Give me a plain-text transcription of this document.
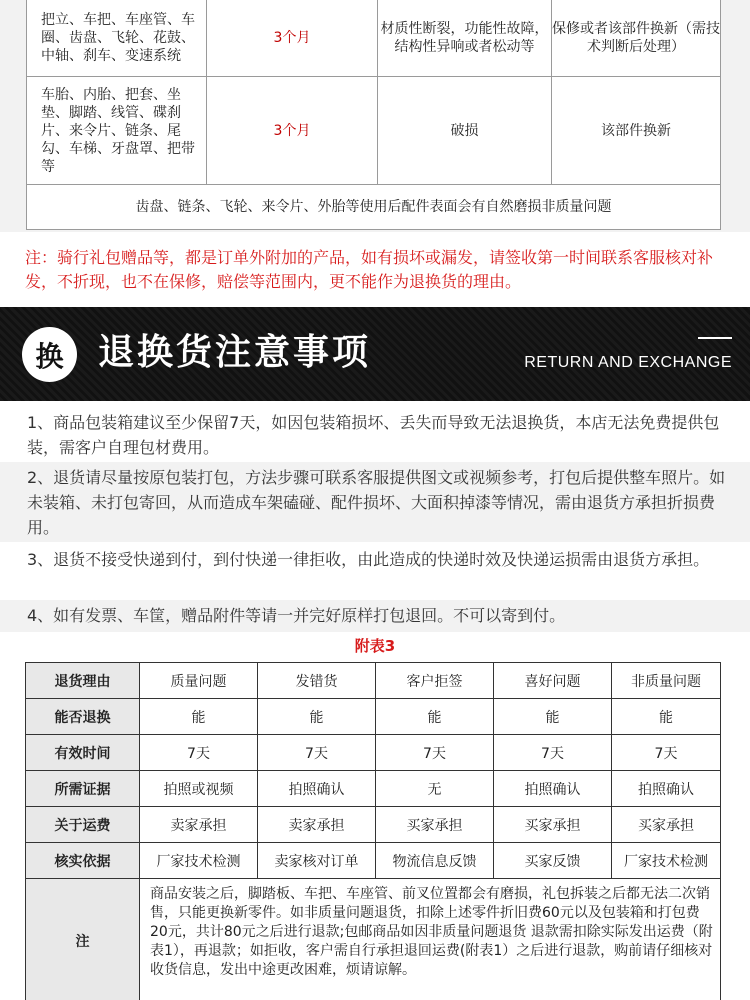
把立、车把、车座管、车圈、齿盘、飞轮、花鼓、中轴、刹车、变速系统	3个月	材质性断裂，功能性故障，结构性异响或者松动等	保修或者该部件换新（需技术判断后处理）
车胎、内胎、把套、坐垫、脚踏、线管、碟刹片、来令片、链条、尾勾、车梯、牙盘罩、把带等	3个月	破损	该部件换新
齿盘、链条、飞轮、来令片、外胎等使用后配件表面会有自然磨损非质量问题			
注：骑行礼包赠品等，都是订单外附加的产品，如有损坏或漏发，请签收第一时间联系客服核对补发，不折现，也不在保修，赔偿等范围内，更不能作为退换货的理由。
换 退换货注意事项	RETURN AND EXCHANGE
1、商品包装箱建议至少保留7天，如因包装箱损坏、丢失而导致无法退换货，本店无法免费提供包装，需客户自理包材费用。
2、退货请尽量按原包装打包，方法步骤可联系客服提供图文或视频参考，打包后提供整车照片。如未装箱、未打包寄回，从而造成车架磕碰、配件损坏、大面积掉漆等情况，需由退货方承担折损费用。
3、退货不接受快递到付，到付快递一律拒收，由此造成的快递时效及快递运损需由退货方承担。
4、如有发票、车筐，赠品附件等请一并完好原样打包退回。不可以寄到付。
附表3
退货理由	质量问题	发错货	客户拒签	喜好问题	非质量问题
能否退换	能	能	能	能	能
有效时间	7天	7天	7天	7天	7天
所需证据	拍照或视频	拍照确认	无	拍照确认	拍照确认
关于运费	卖家承担	卖家承担	买家承担	买家承担	买家承担
核实依据	厂家技术检测	卖家核对订单	物流信息反馈	买家反馈	厂家技术检测
注	商品安装之后，脚踏板、车把、车座管、前叉位置都会有磨损，礼包拆装之后都无法二次销售，只能更换新零件。如非质量问题退货，扣除上述零件折旧费60元以及包装箱和打包费20元，共计80元之后进行退款;包邮商品如因非质量问题退货 退款需扣除实际发出运费（附表1），再退款；如拒收，客户需自行承担退回运费(附表1）之后进行退款，购前请仔细核对收货信息，发出中途更改困难，烦请谅解。				
